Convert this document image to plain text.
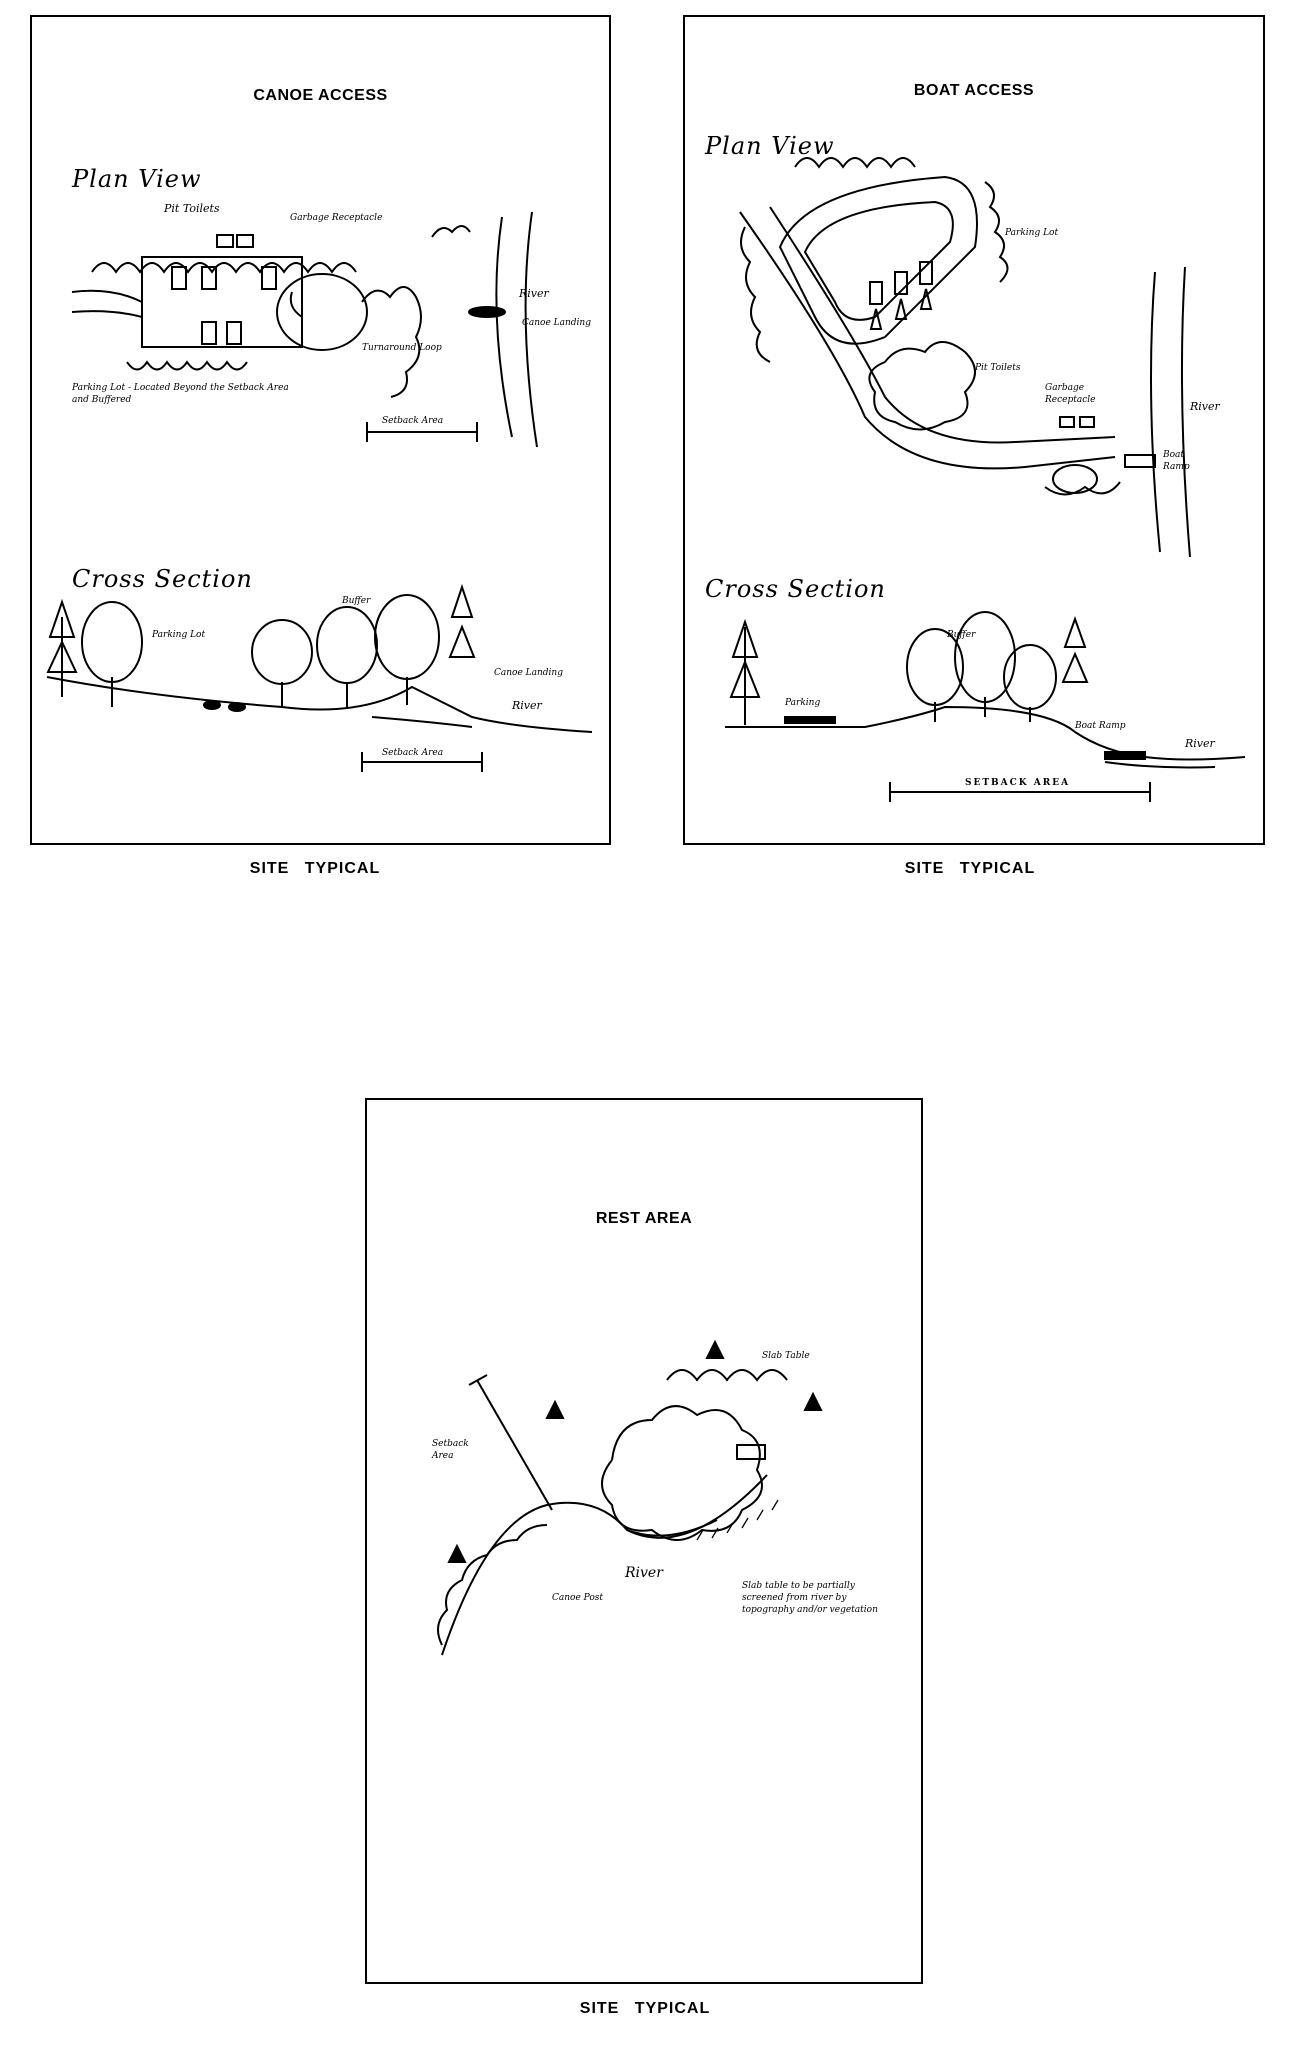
CANOE ACCESS
Plan View
Pit Toilets
Garbage Receptacle
River
Canoe Landing
Turnaround Loop
Parking Lot - Located Beyond the Setback Area and Buffered
Setback Area
Cross Section
Buffer
Parking Lot
Canoe Landing
River
Setback Area
SITE TYPICAL
BOAT ACCESS
Plan View
Parking Lot
Pit Toilets
Garbage Receptacle	River
Boat Ramp
Cross Section
Buffer
Parking
Boat Ramp
River
SETBACK AREA
SITE TYPICAL
REST AREA
Slab Table
Setback Area
River
Canoe Post
Slab table to be partially screened from river by topography and/or vegetation
SITE TYPICAL
